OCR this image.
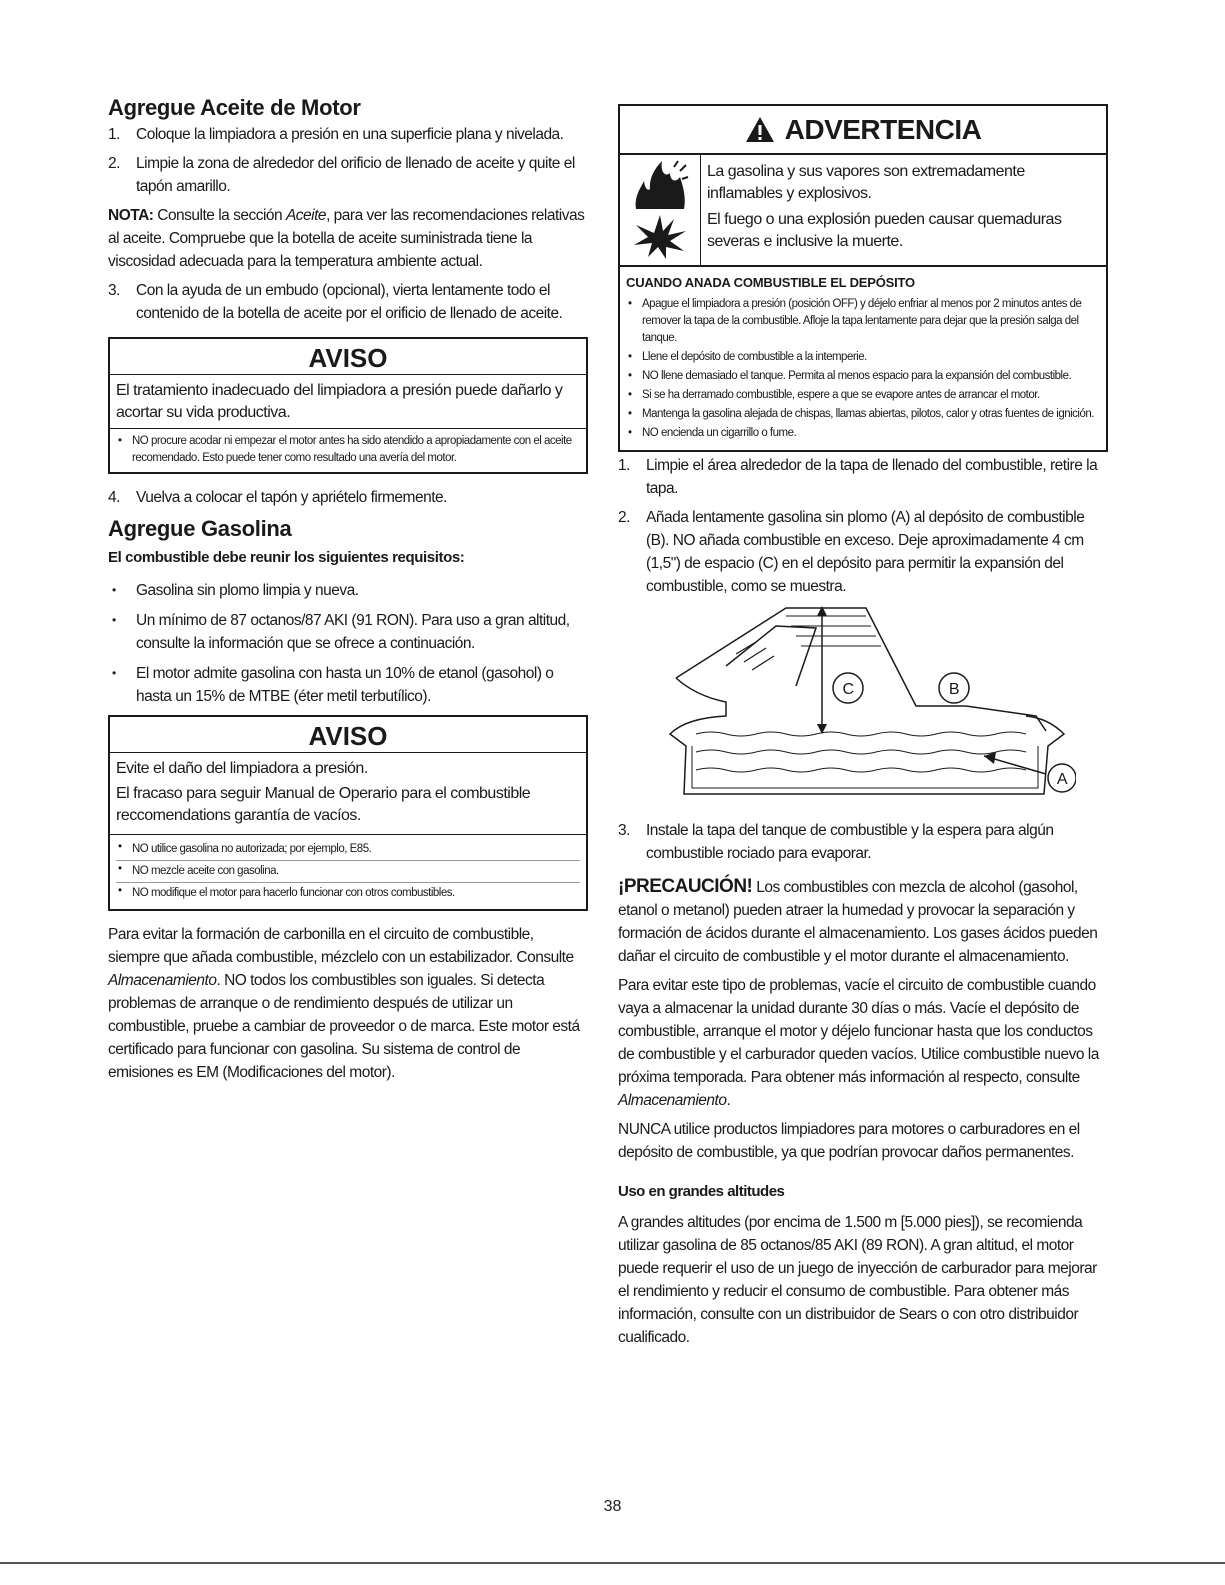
Agregue Aceite de Motor
1. Coloque la limpiadora a presión en una superficie plana y nivelada.
2. Limpie la zona de alrededor del orificio de llenado de aceite y quite el tapón amarillo.

NOTA: Consulte la sección Aceite, para ver las recomendaciones relativas al aceite. Compruebe que la botella de aceite suministrada tiene la viscosidad adecuada para la temperatura ambiente actual.

3. Con la ayuda de un embudo (opcional), vierta lentamente todo el contenido de la botella de aceite por el orificio de llenado de aceite.
AVISO
El tratamiento inadecuado del limpiadora a presión puede dañarlo y acortar su vida productiva.
• NO procure acodar ni empezar el motor antes ha sido atendido a apropiadamente con el aceite recomendado. Esto puede tener como resultado una avería del motor.
4. Vuelva a colocar el tapón y apriételo firmemente.
Agregue Gasolina
El combustible debe reunir los siguientes requisitos:
• Gasolina sin plomo limpia y nueva.
• Un mínimo de 87 octanos/87 AKI (91 RON). Para uso a gran altitud, consulte la información que se ofrece a continuación.
• El motor admite gasolina con hasta un 10% de etanol (gasohol) o hasta un 15% de MTBE (éter metil terbutílico).
AVISO

Evite el daño del limpiadora a presión.

El fracaso para seguir Manual de Operario para el combustible reccomendations garantía de vacíos.

• NO utilice gasolina no autorizada; por ejemplo, E85.
• NO mezcle aceite con gasolina.
• NO modifique el motor para hacerlo funcionar con otros combustibles.

Para evitar la formación de carbonilla en el circuito de combustible, siempre que añada combustible, mézclelo con un estabilizador. Consulte Almacenamiento. NO todos los combustibles son iguales. Si detecta problemas de arranque o de rendimiento después de utilizar un combustible, pruebe a cambiar de proveedor o de marca. Este motor está certificado para funcionar con gasolina. Su sistema de control de emisiones es EM (Modificaciones del motor).

ADVERTENCIA

La gasolina y sus vapores son extremadamente inflamables y explosivos.

El fuego o una explosión pueden causar quemaduras severas e inclusive la muerte.

CUANDO ANADA COMBUSTIBLE EL DEPÓSITO
• Apague el limpiadora a presión (posición OFF) y déjelo enfriar al menos por 2 minutos antes de remover la tapa de la combustible. Afloje la tapa lentamente para dejar que la presión salga del tanque.
• Llene el depósito de combustible a la intemperie.
• NO llene demasiado el tanque. Permita al menos espacio para la expansión del combustible.
• Si se ha derramado combustible, espere a que se evapore antes de arrancar el motor.
• Mantenga la gasolina alejada de chispas, llamas abiertas, pilotos, calor y otras fuentes de ignición.
• NO encienda un cigarrillo o fume.
1. Limpie el área alrededor de la tapa de llenado del combustible, retire la tapa.
2. Añada lentamente gasolina sin plomo (A) al depósito de combustible (B). NO añada combustible en exceso. Deje aproximadamente 4 cm (1,5") de espacio (C) en el depósito para permitir la expansión del combustible, como se muestra.
C	B
A
3. Instale la tapa del tanque de combustible y la espera para algún combustible rociado para evaporar.

¡PRECAUCIÓN! Los combustibles con mezcla de alcohol (gasohol, etanol o metanol) pueden atraer la humedad y provocar la separación y formación de ácidos durante el almacenamiento. Los gases ácidos pueden dañar el circuito de combustible y el motor durante el almacenamiento.

Para evitar este tipo de problemas, vacíe el circuito de combustible cuando vaya a almacenar la unidad durante 30 días o más. Vacíe el depósito de combustible, arranque el motor y déjelo funcionar hasta que los conductos de combustible y el carburador queden vacíos. Utilice combustible nuevo la próxima temporada. Para obtener más información al respecto, consulte Almacenamiento.

NUNCA utilice productos limpiadores para motores o carburadores en el depósito de combustible, ya que podrían provocar daños permanentes.

Uso en grandes altitudes

A grandes altitudes (por encima de 1.500 m [5.000 pies]), se recomienda utilizar gasolina de 85 octanos/85 AKI (89 RON). A gran altitud, el motor puede requerir el uso de un juego de inyección de carburador para mejorar el rendimiento y reducir el consumo de combustible. Para obtener más información, consulte con un distribuidor de Sears o con otro distribuidor cualificado.

38
